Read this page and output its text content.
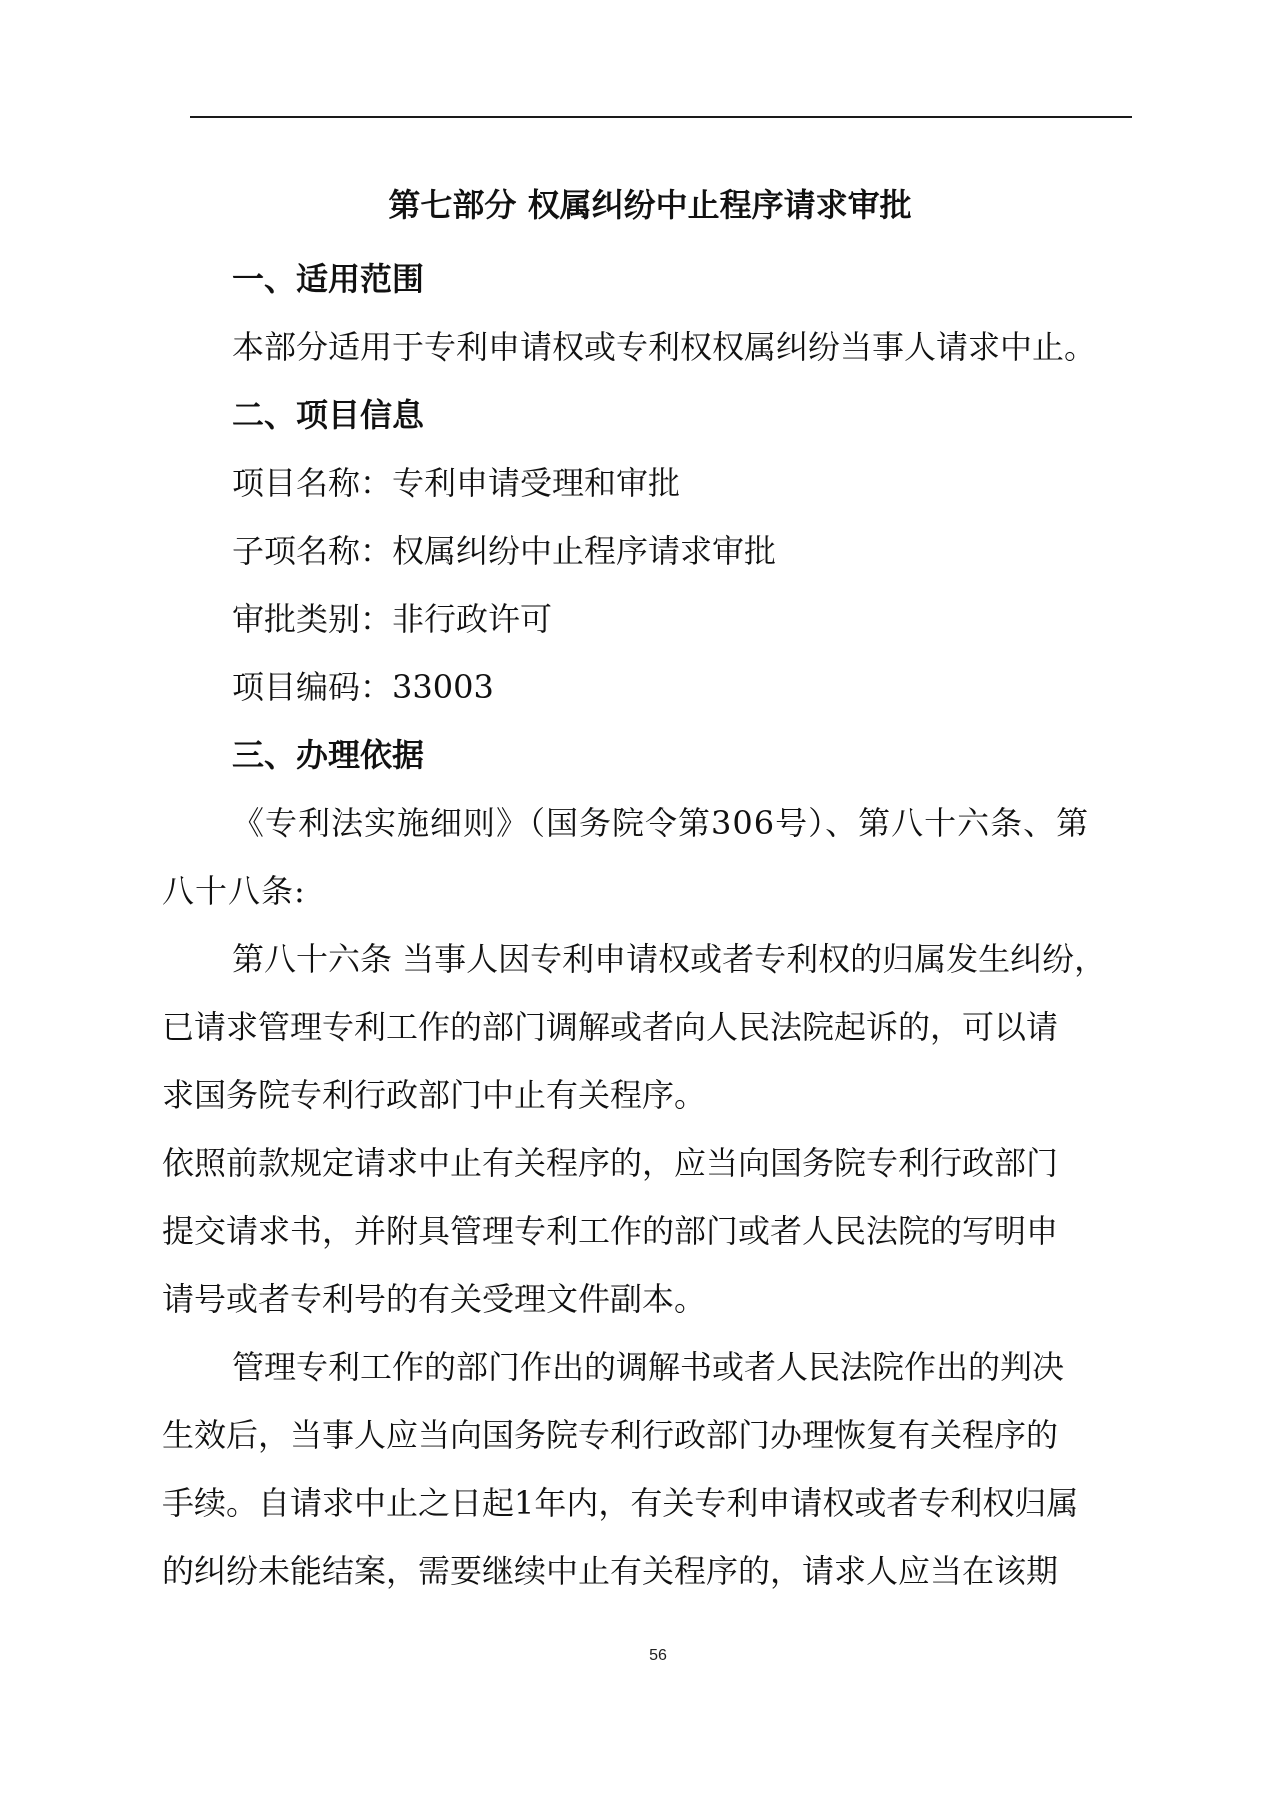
第七部分 权属纠纷中止程序请求审批
一、适用范围

本部分适用于专利申请权或专利权权属纠纷当事人请求中止。

二、项目信息

项目名称：专利申请受理和审批

子项名称：权属纠纷中止程序请求审批

审批类别：非行政许可

项目编码：33003

三、办理依据

《专利法实施细则》（国务院令第306号）、第八十六条、第

八十八条:

第八十六条 当事人因专利申请权或者专利权的归属发生纠纷，

已请求管理专利工作的部门调解或者向人民法院起诉的，可以请

求国务院专利行政部门中止有关程序。

依照前款规定请求中止有关程序的，应当向国务院专利行政部门

提交请求书，并附具管理专利工作的部门或者人民法院的写明申

请号或者专利号的有关受理文件副本。

管理专利工作的部门作出的调解书或者人民法院作出的判决

生效后，当事人应当向国务院专利行政部门办理恢复有关程序的

手续。自请求中止之日起1年内，有关专利申请权或者专利权归属

的纠纷未能结案，需要继续中止有关程序的，请求人应当在该期

56
